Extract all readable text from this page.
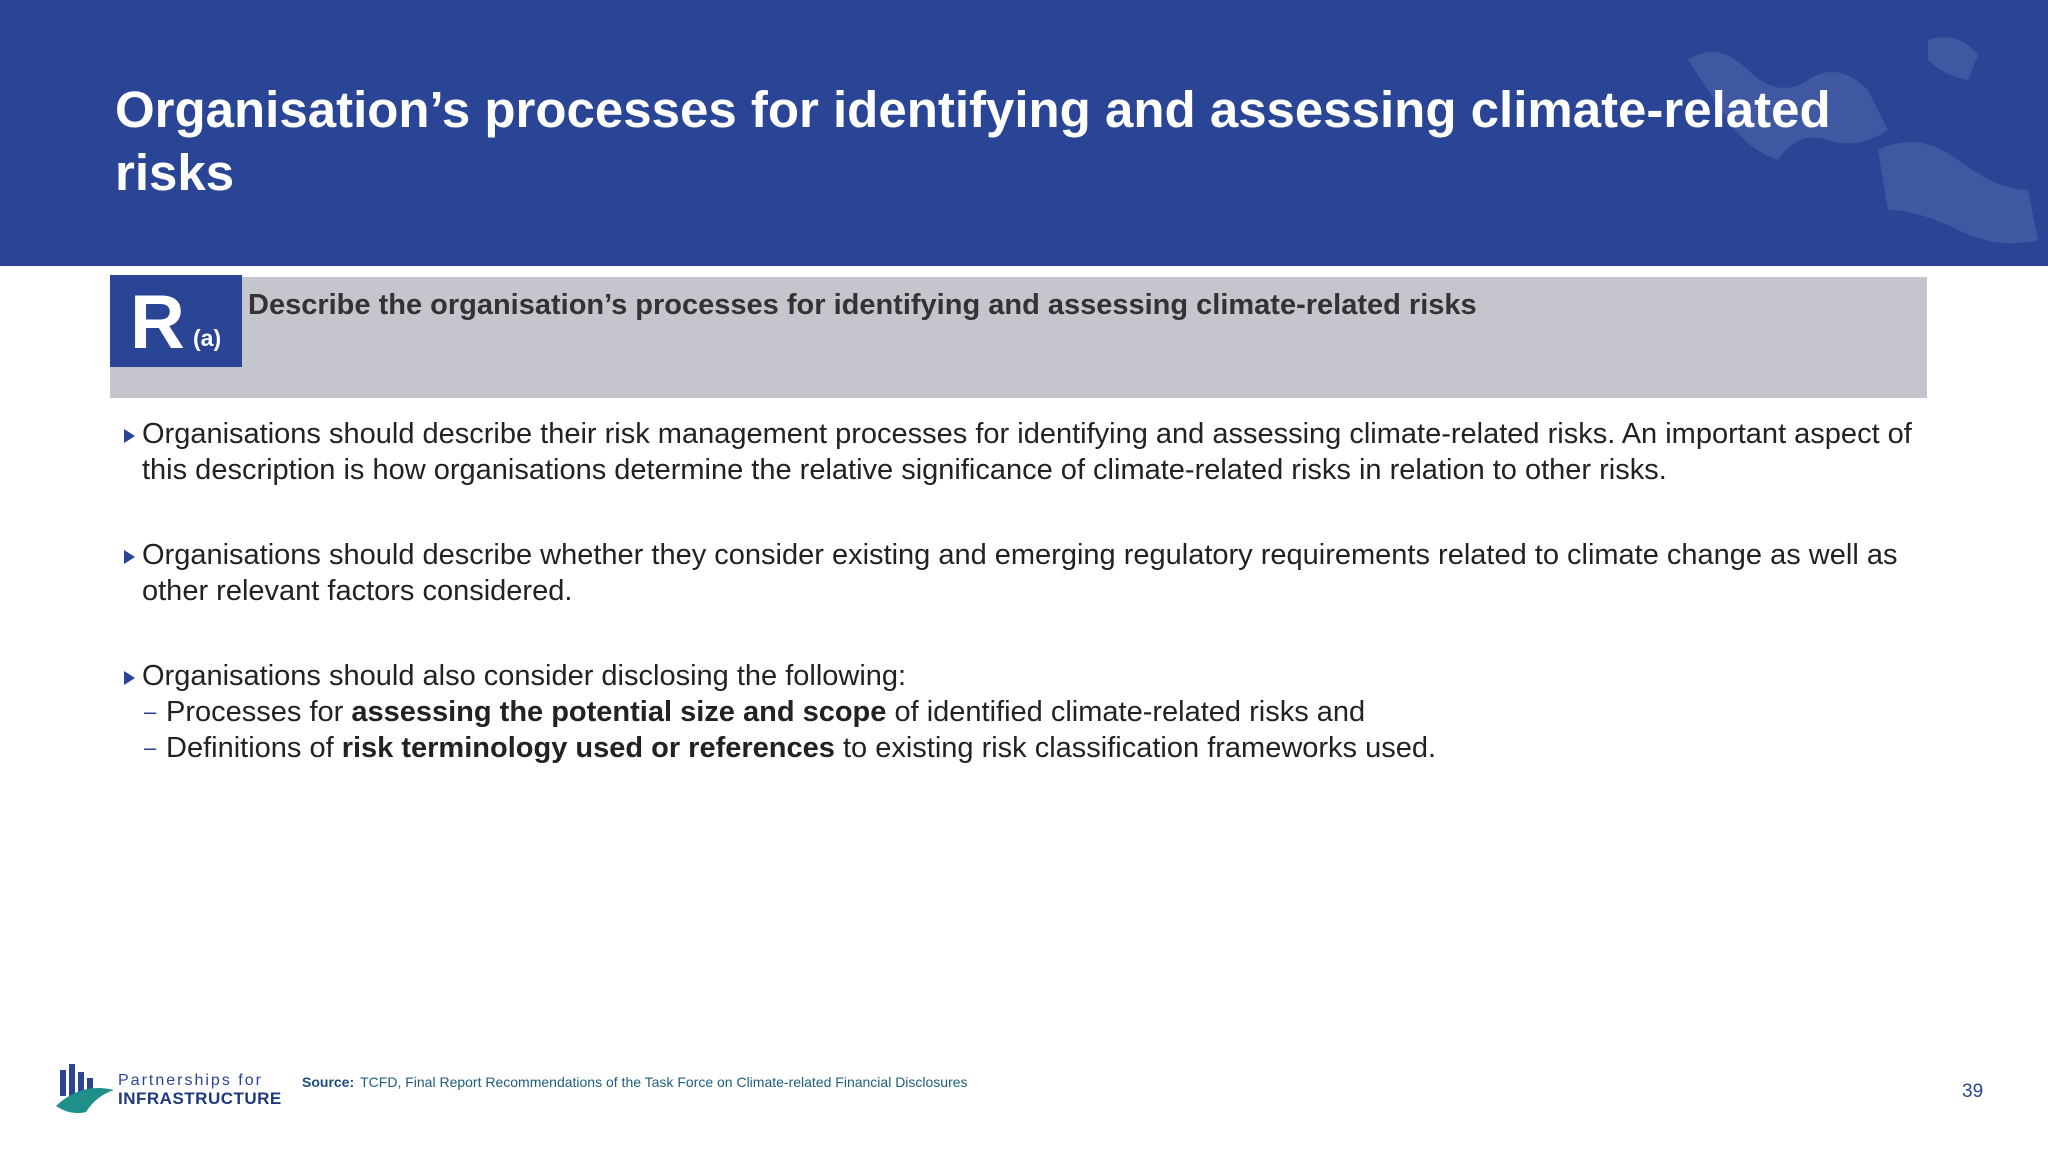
Organisation’s processes for identifying and assessing climate-related risks
R (a)
Describe the organisation’s processes for identifying and assessing climate-related risks
Organisations should describe their risk management processes for identifying and assessing climate-related risks. An important aspect of this description is how organisations determine the relative significance of climate-related risks in relation to other risks.
Organisations should describe whether they consider existing and emerging regulatory requirements related to climate change as well as other relevant factors considered.
Organisations should also consider disclosing the following:
– Processes for assessing the potential size and scope of identified climate-related risks and
– Definitions of risk terminology used or references to existing risk classification frameworks used.
Partnerships for
INFRASTRUCTURE
Source: TCFD, Final Report Recommendations of the Task Force on Climate-related Financial Disclosures	39
